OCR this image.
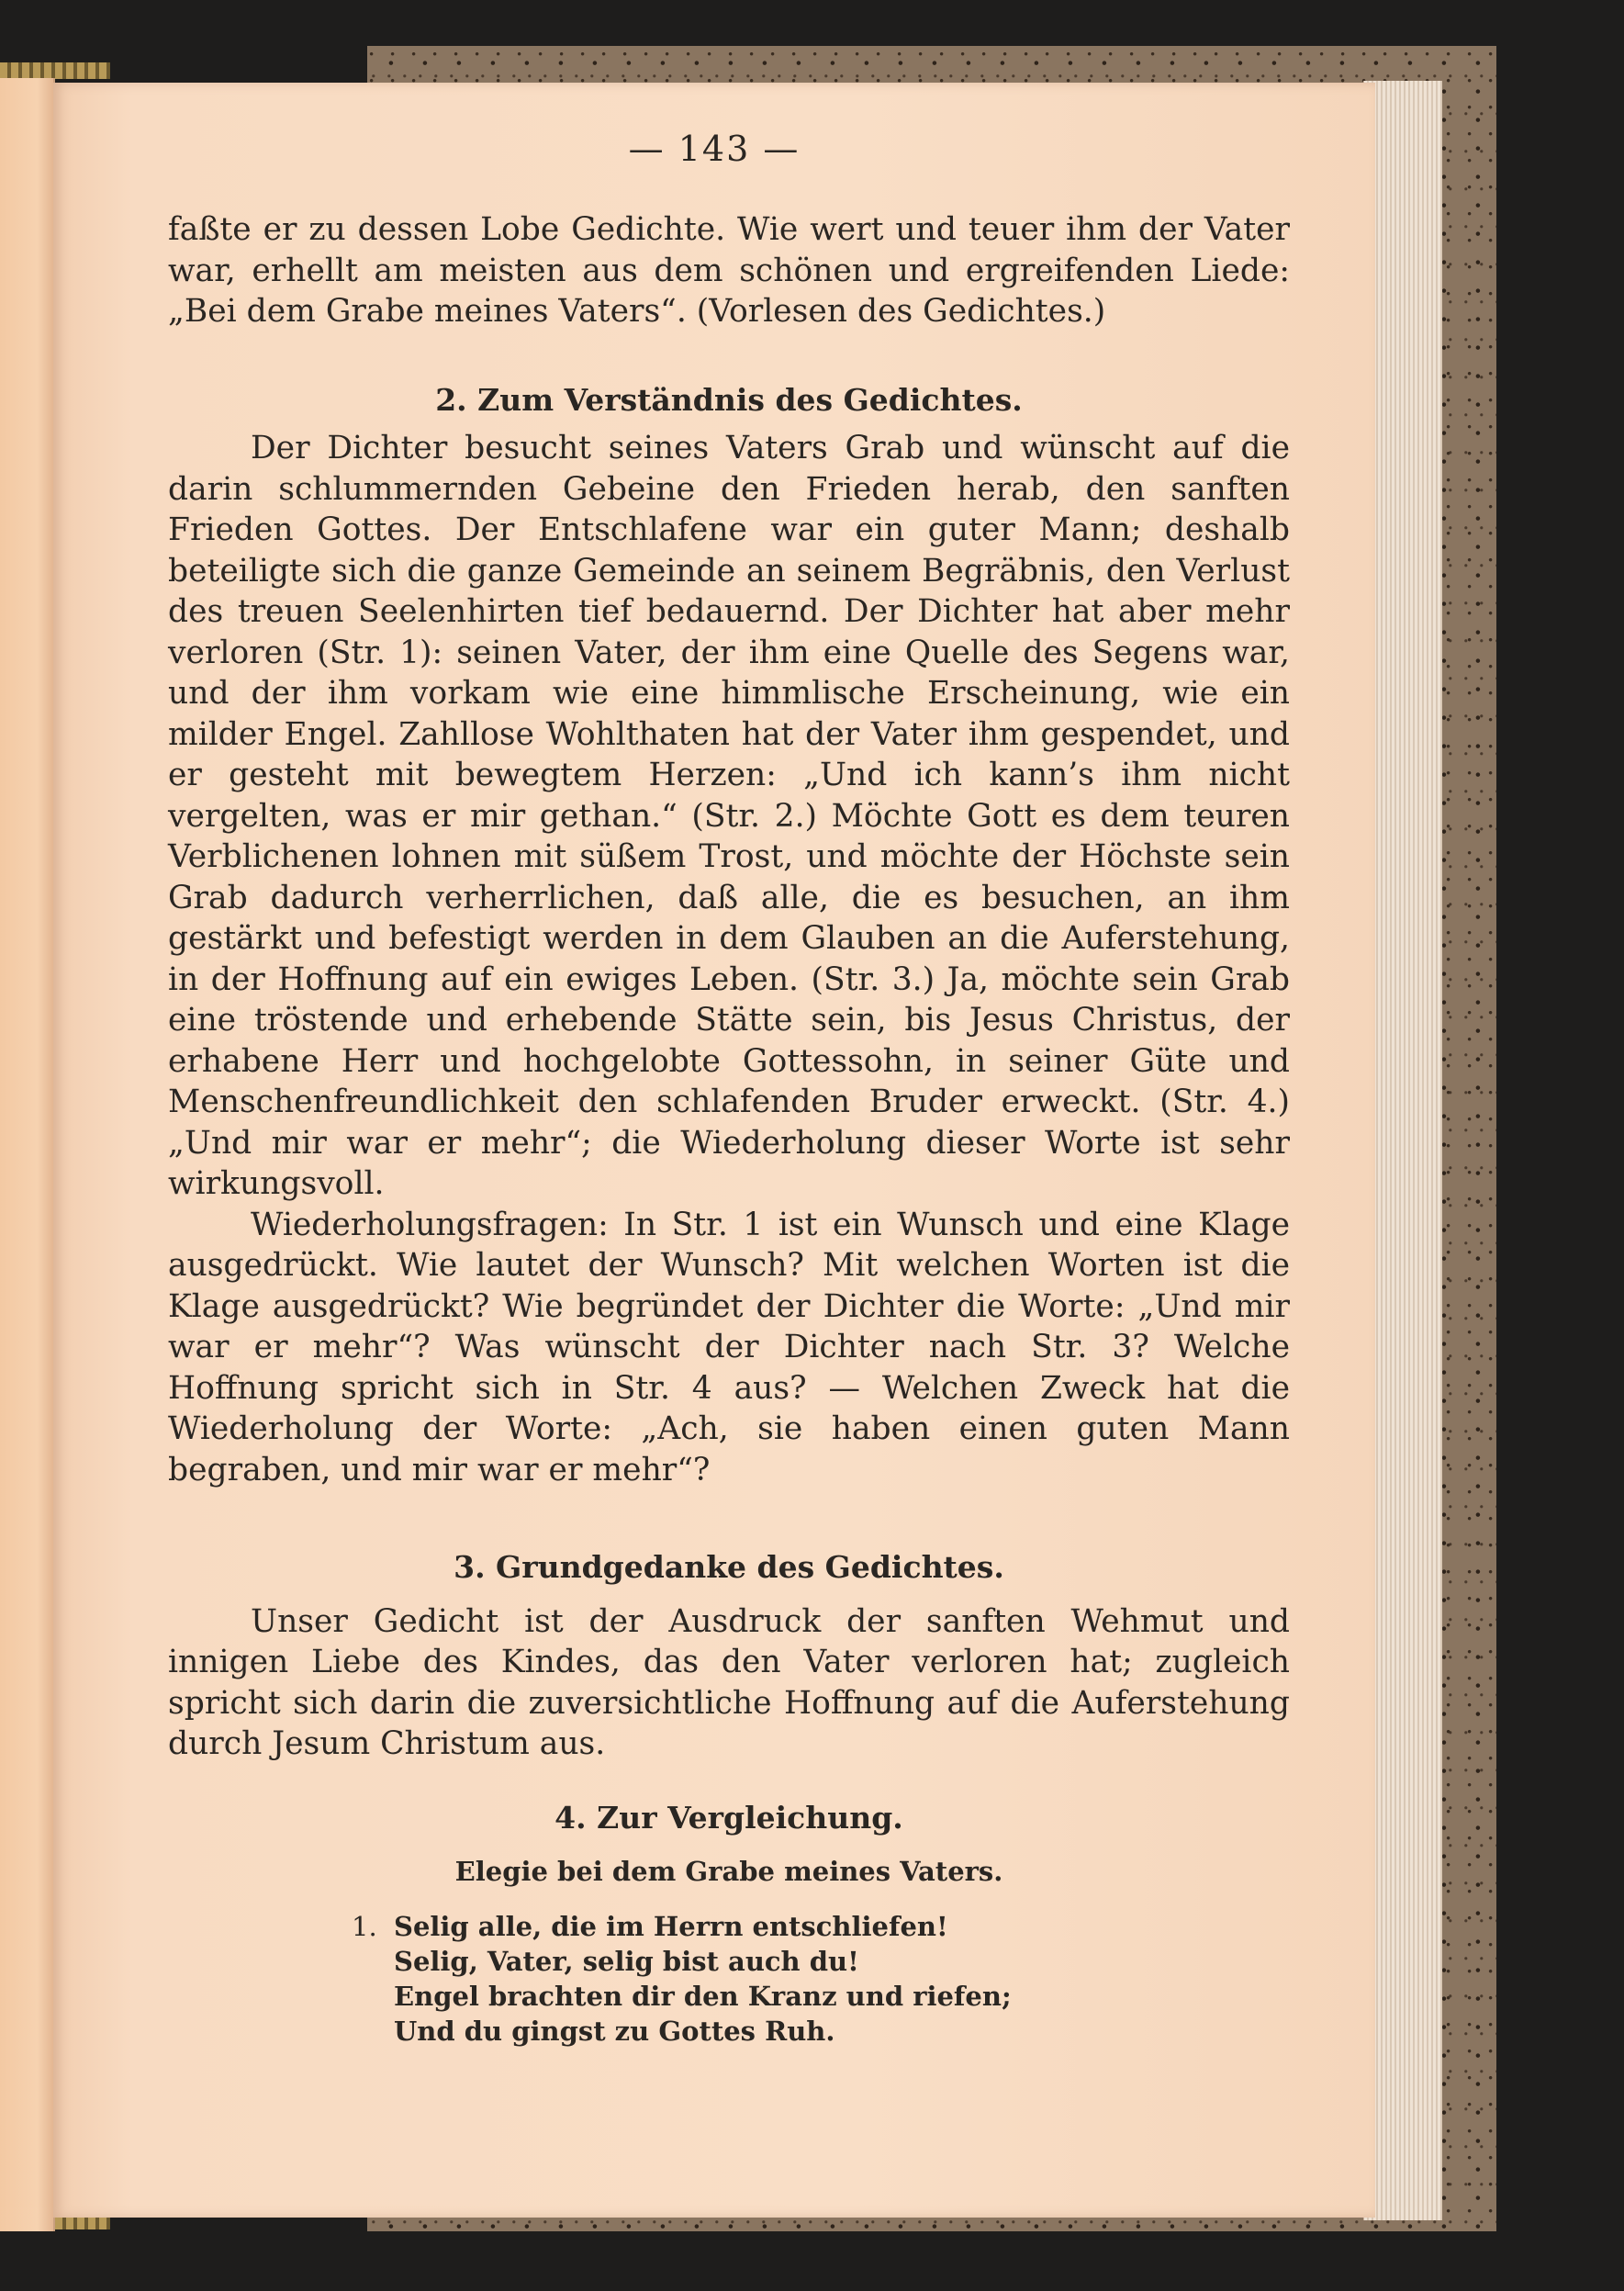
— 143 —

faßte er zu dessen Lobe Gedichte. Wie wert und teuer ihm der Vater war, erhellt am meisten aus dem schönen und ergreifenden Liede: „Bei dem Grabe meines Vaters“. (Vorlesen des Gedichtes.)

2. Zum Verständnis des Gedichtes.

Der Dichter besucht seines Vaters Grab und wünscht auf die darin schlummernden Gebeine den Frieden herab, den sanften Frieden Gottes. Der Entschlafene war ein guter Mann; deshalb beteiligte sich die ganze Gemeinde an seinem Begräbnis, den Verlust des treuen Seelenhirten tief bedauernd. Der Dichter hat aber mehr verloren (Str. 1): seinen Vater, der ihm eine Quelle des Segens war, und der ihm vorkam wie eine himmlische Erscheinung, wie ein milder Engel. Zahllose Wohlthaten hat der Vater ihm gespendet, und er gesteht mit bewegtem Herzen: „Und ich kann’s ihm nicht vergelten, was er mir gethan.“ (Str. 2.) Möchte Gott es dem teuren Verblichenen lohnen mit süßem Trost, und möchte der Höchste sein Grab dadurch verherrlichen, daß alle, die es besuchen, an ihm gestärkt und befestigt werden in dem Glauben an die Auferstehung, in der Hoffnung auf ein ewiges Leben. (Str. 3.) Ja, möchte sein Grab eine tröstende und erhebende Stätte sein, bis Jesus Christus, der erhabene Herr und hochgelobte Gottessohn, in seiner Güte und Menschenfreundlichkeit den schlafenden Bruder erweckt. (Str. 4.) „Und mir war er mehr“; die Wiederholung dieser Worte ist sehr wirkungsvoll.

Wiederholungsfragen: In Str. 1 ist ein Wunsch und eine Klage ausgedrückt. Wie lautet der Wunsch? Mit welchen Worten ist die Klage ausgedrückt? Wie begründet der Dichter die Worte: „Und mir war er mehr“? Was wünscht der Dichter nach Str. 3? Welche Hoffnung spricht sich in Str. 4 aus? — Welchen Zweck hat die Wiederholung der Worte: „Ach, sie haben einen guten Mann begraben, und mir war er mehr“?

3. Grundgedanke des Gedichtes.

Unser Gedicht ist der Ausdruck der sanften Wehmut und innigen Liebe des Kindes, das den Vater verloren hat; zugleich spricht sich darin die zuversichtliche Hoffnung auf die Auferstehung durch Jesum Christum aus.

4. Zur Vergleichung.
Elegie bei dem Grabe meines Vaters.
1. Selig alle, die im Herrn entschliefen!
Selig, Vater, selig bist auch du!
Engel brachten dir den Kranz und riefen;
Und du gingst zu Gottes Ruh.
